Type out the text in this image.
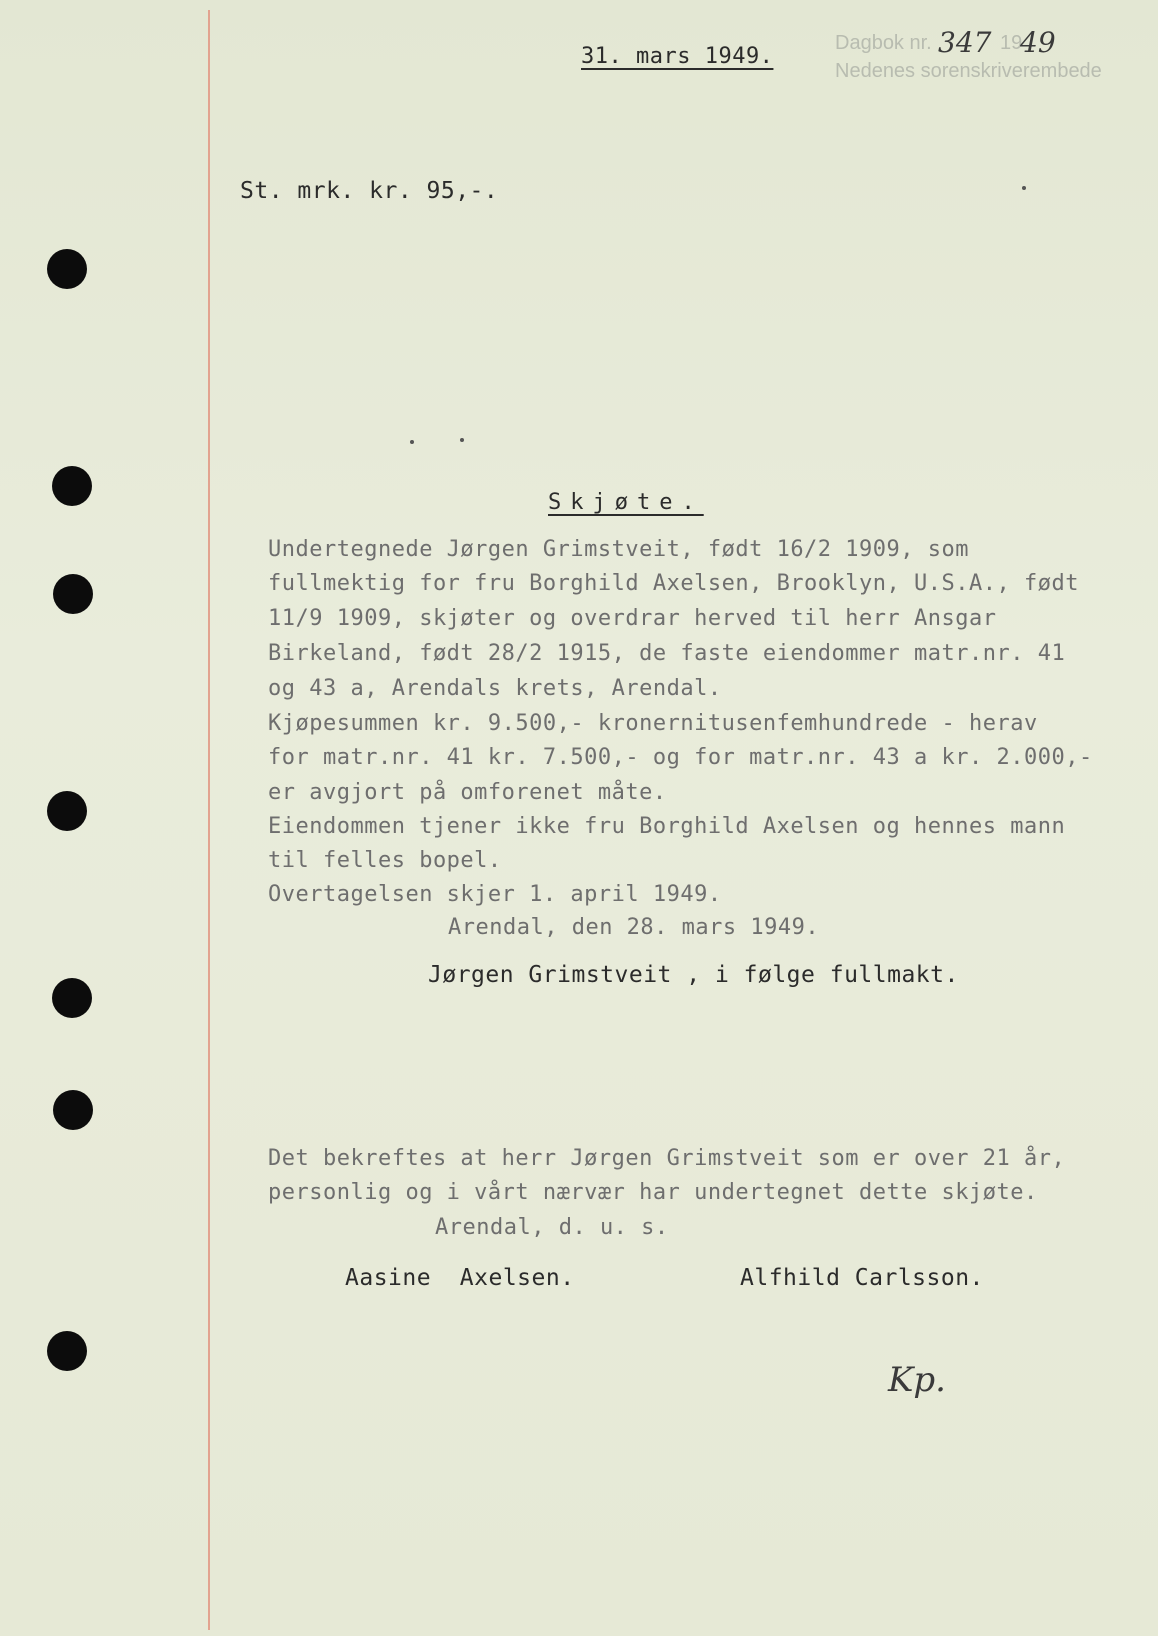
31. mars 1949.
Dagbok nr.	19
Nedenes sorenskriverembede
347 49
St. mrk. kr. 95,-.
Skjøte.
Undertegnede Jørgen Grimstveit, født 16/2 1909, som
fullmektig for fru Borghild Axelsen, Brooklyn, U.S.A., født
11/9 1909, skjøter og overdrar herved til herr Ansgar
Birkeland, født 28/2 1915, de faste eiendommer matr.nr. 41
og 43 a, Arendals krets, Arendal.
Kjøpesummen kr. 9.500,- kronernitusenfemhundrede - herav
for matr.nr. 41 kr. 7.500,- og for matr.nr. 43 a kr. 2.000,-
er avgjort på omforenet måte.
Eiendommen tjener ikke fru Borghild Axelsen og hennes mann
til felles bopel.
Overtagelsen skjer 1. april 1949.
Arendal, den 28. mars 1949.
Jørgen Grimstveit , i følge fullmakt.
Det bekreftes at herr Jørgen Grimstveit som er over 21 år,
personlig og i vårt nærvær har undertegnet dette skjøte.
Arendal, d. u. s.
Aasine  Axelsen.	Alfhild Carlsson.
Kp.
